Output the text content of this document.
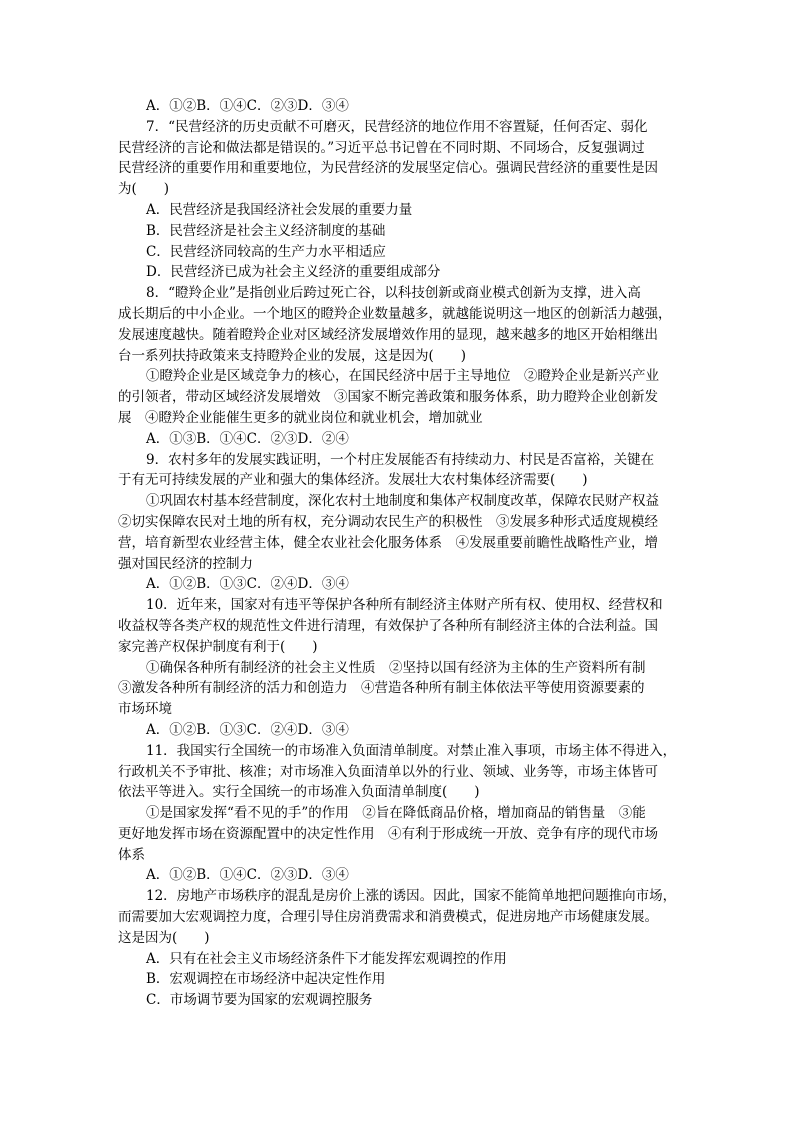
A．①②B．①④C．②③D．③④
7．“民营经济的历史贡献不可磨灭，民营经济的地位作用不容置疑，任何否定、弱化
民营经济的言论和做法都是错误的。”习近平总书记曾在不同时期、不同场合，反复强调过
民营经济的重要作用和重要地位，为民营经济的发展坚定信心。强调民营经济的重要性是因
为(　　)
A．民营经济是我国经济社会发展的重要力量
B．民营经济是社会主义经济制度的基础
C．民营经济同较高的生产力水平相适应
D．民营经济已成为社会主义经济的重要组成部分
8．“瞪羚企业”是指创业后跨过死亡谷，以科技创新或商业模式创新为支撑，进入高
成长期后的中小企业。一个地区的瞪羚企业数量越多，就越能说明这一地区的创新活力越强，
发展速度越快。随着瞪羚企业对区域经济发展增效作用的显现，越来越多的地区开始相继出
台一系列扶持政策来支持瞪羚企业的发展，这是因为(　　)
①瞪羚企业是区域竞争力的核心，在国民经济中居于主导地位　②瞪羚企业是新兴产业
的引领者，带动区域经济发展增效　③国家不断完善政策和服务体系，助力瞪羚企业创新发
展　④瞪羚企业能催生更多的就业岗位和就业机会，增加就业
A．①③B．①④C．②③D．②④
9．农村多年的发展实践证明，一个村庄发展能否有持续动力、村民是否富裕，关键在
于有无可持续发展的产业和强大的集体经济。发展壮大农村集体经济需要(　　)
①巩固农村基本经营制度，深化农村土地制度和集体产权制度改革，保障农民财产权益
②切实保障农民对土地的所有权，充分调动农民生产的积极性　③发展多种形式适度规模经
营，培育新型农业经营主体，健全农业社会化服务体系　④发展重要前瞻性战略性产业，增
强对国民经济的控制力
A．①②B．①③C．②④D．③④
10．近年来，国家对有违平等保护各种所有制经济主体财产所有权、使用权、经营权和
收益权等各类产权的规范性文件进行清理，有效保护了各种所有制经济主体的合法利益。国
家完善产权保护制度有利于(　　)
①确保各种所有制经济的社会主义性质　②坚持以国有经济为主体的生产资料所有制
③激发各种所有制经济的活力和创造力　④营造各种所有制主体依法平等使用资源要素的
市场环境
A．①②B．①③C．②④D．③④
11．我国实行全国统一的市场准入负面清单制度。对禁止准入事项，市场主体不得进入，
行政机关不予审批、核准；对市场准入负面清单以外的行业、领域、业务等，市场主体皆可
依法平等进入。实行全国统一的市场准入负面清单制度(　　)
①是国家发挥“看不见的手”的作用　②旨在降低商品价格，增加商品的销售量　③能
更好地发挥市场在资源配置中的决定性作用　④有利于形成统一开放、竞争有序的现代市场
体系
A．①②B．①④C．②③D．③④
12．房地产市场秩序的混乱是房价上涨的诱因。因此，国家不能简单地把问题推向市场，
而需要加大宏观调控力度，合理引导住房消费需求和消费模式，促进房地产市场健康发展。
这是因为(　　)
A．只有在社会主义市场经济条件下才能发挥宏观调控的作用
B．宏观调控在市场经济中起决定性作用
C．市场调节要为国家的宏观调控服务
